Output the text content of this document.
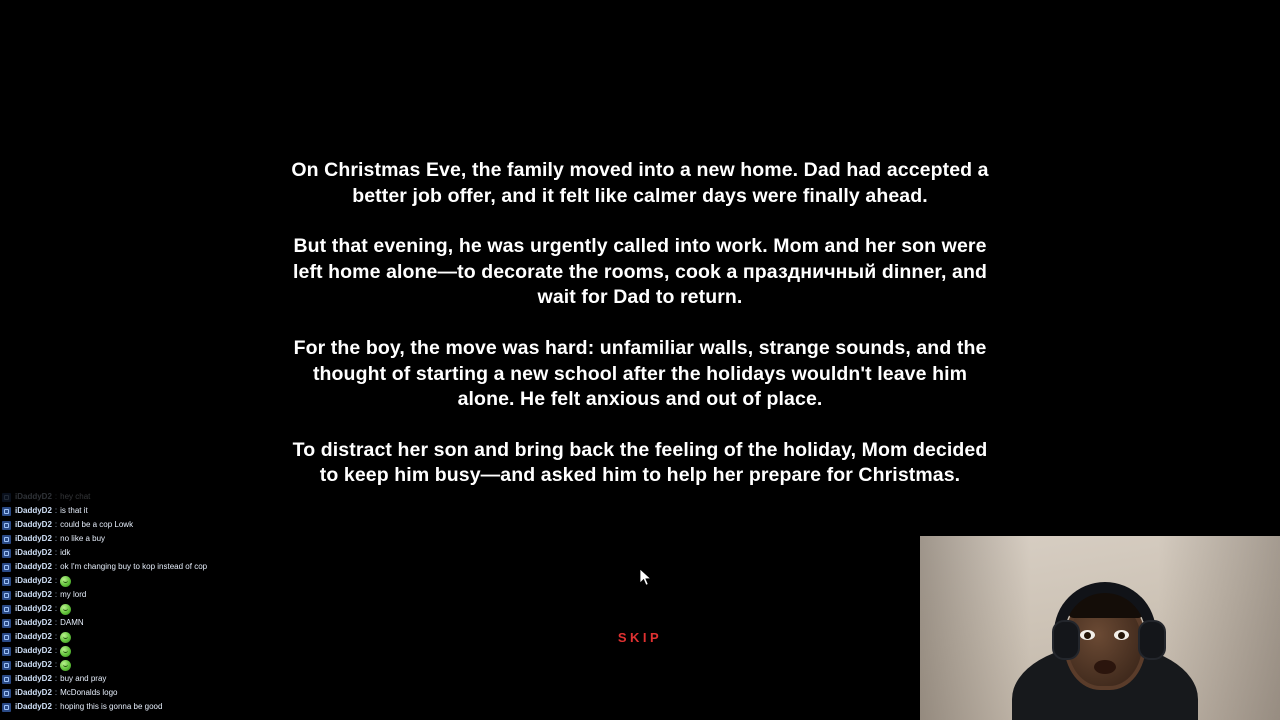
On Christmas Eve, the family moved into a new home. Dad had accepted a better job offer, and it felt like calmer days were finally ahead.

But that evening, he was urgently called into work. Mom and her son were left home alone—to decorate the rooms, cook a праздничный dinner, and wait for Dad to return.

For the boy, the move was hard: unfamiliar walls, strange sounds, and the thought of starting a new school after the holidays wouldn't leave him alone. He felt anxious and out of place.

To distract her son and bring back the feeling of the holiday, Mom decided to keep him busy—and asked him to help her prepare for Christmas.

SKIP
iDaddyD2 : hey chat
iDaddyD2 : is that it
iDaddyD2 : could be a cop Lowk
iDaddyD2 : no like a buy
iDaddyD2 : idk
iDaddyD2 : ok I'm changing buy to kop instead of cop
iDaddyD2 :
iDaddyD2 : my lord
iDaddyD2 :
iDaddyD2 : DAMN
iDaddyD2 :
iDaddyD2 :
iDaddyD2 :
iDaddyD2 : buy and pray
iDaddyD2 : McDonalds logo
iDaddyD2 : hoping this is gonna be good
